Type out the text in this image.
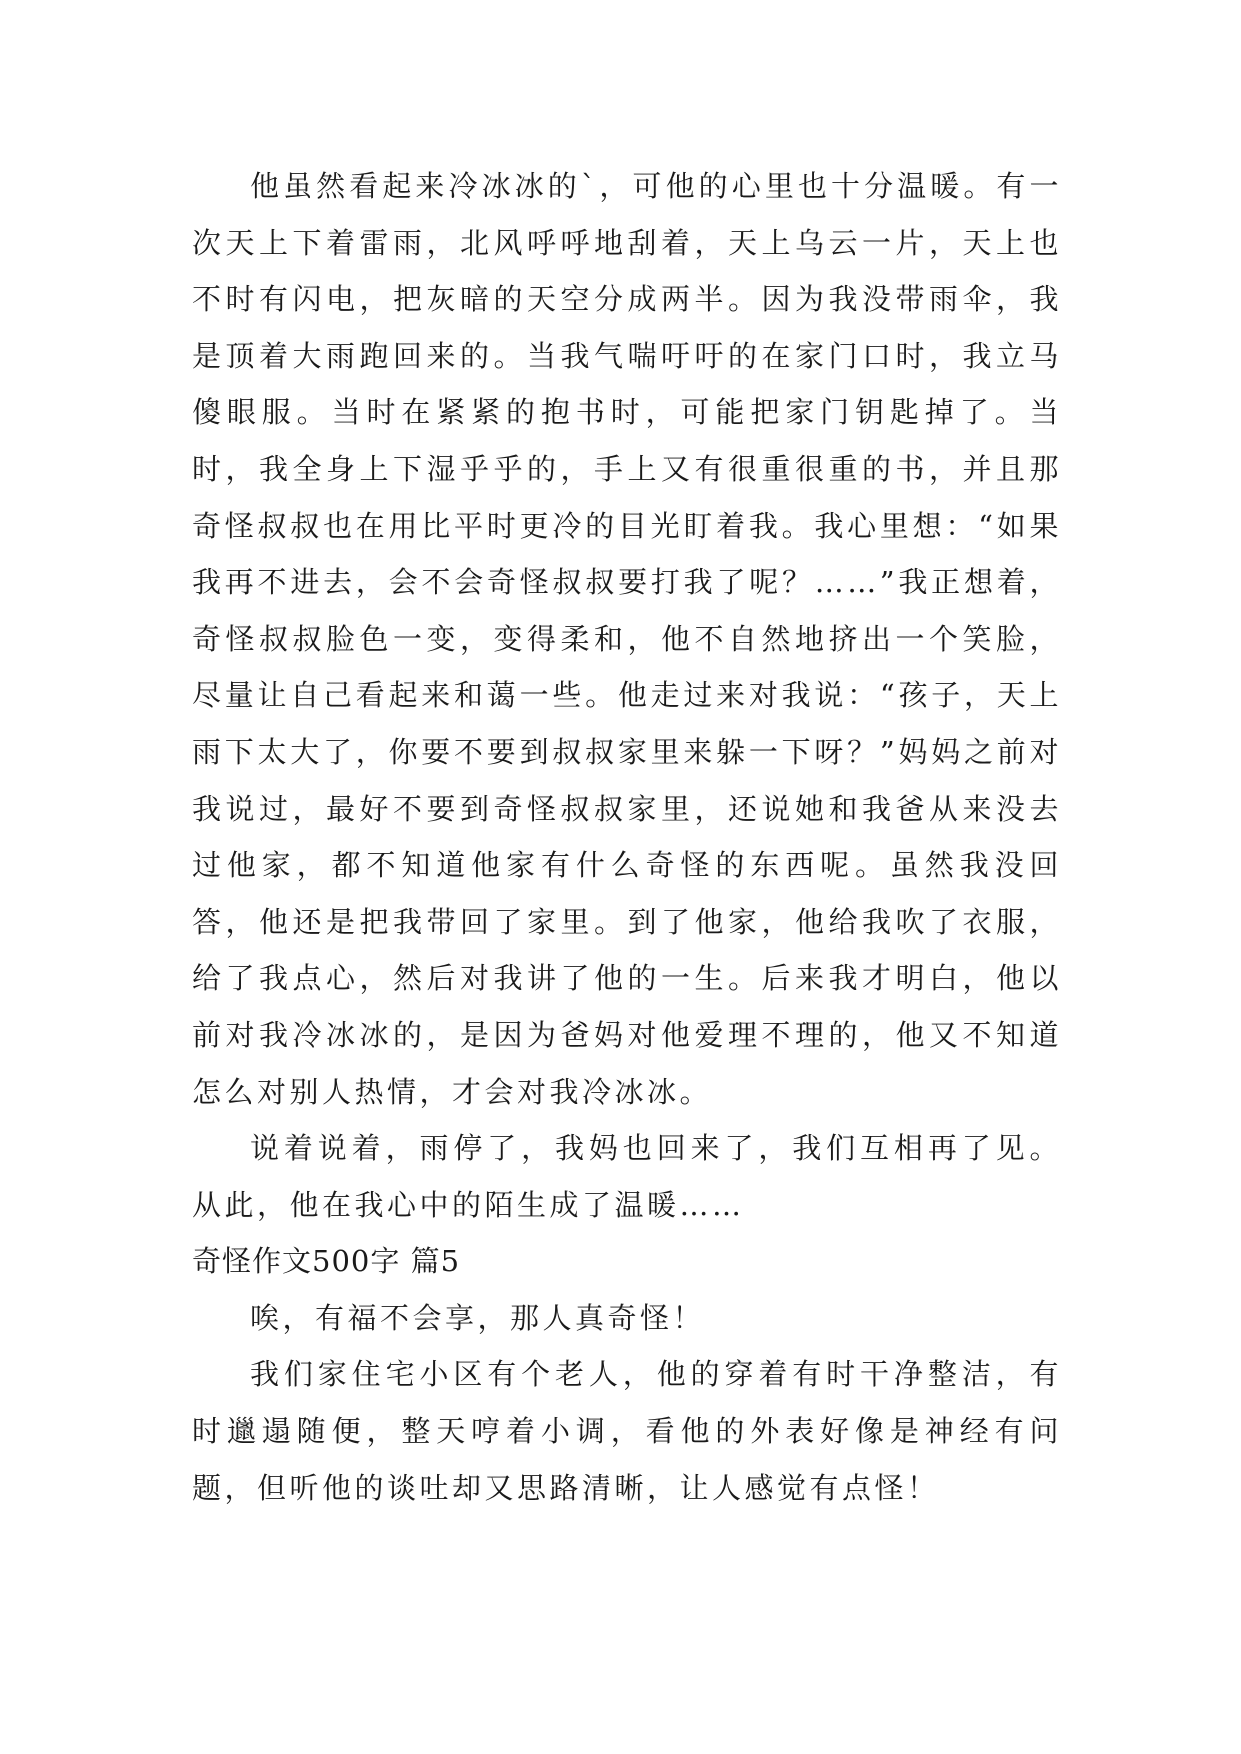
他虽然看起来冷冰冰的`，可他的心里也十分温暖。有一次天上下着雷雨，北风呼呼地刮着，天上乌云一片，天上也不时有闪电，把灰暗的天空分成两半。因为我没带雨伞，我是顶着大雨跑回来的。当我气喘吁吁的在家门口时，我立马傻眼服。当时在紧紧的抱书时，可能把家门钥匙掉了。当时，我全身上下湿乎乎的，手上又有很重很重的书，并且那奇怪叔叔也在用比平时更冷的目光盯着我。我心里想：“如果我再不进去，会不会奇怪叔叔要打我了呢？……”我正想着，奇怪叔叔脸色一变，变得柔和，他不自然地挤出一个笑脸，尽量让自己看起来和蔼一些。他走过来对我说：“孩子，天上雨下太大了，你要不要到叔叔家里来躲一下呀？”妈妈之前对我说过，最好不要到奇怪叔叔家里，还说她和我爸从来没去过他家，都不知道他家有什么奇怪的东西呢。虽然我没回答，他还是把我带回了家里。到了他家，他给我吹了衣服，给了我点心，然后对我讲了他的一生。后来我才明白，他以前对我冷冰冰的，是因为爸妈对他爱理不理的，他又不知道怎么对别人热情，才会对我冷冰冰。

说着说着，雨停了，我妈也回来了，我们互相再了见。从此，他在我心中的陌生成了温暖……

奇怪作文500字 篇5

唉，有福不会享，那人真奇怪！

我们家住宅小区有个老人，他的穿着有时干净整洁，有时邋遢随便，整天哼着小调，看他的外表好像是神经有问题，但听他的谈吐却又思路清晰，让人感觉有点怪！
